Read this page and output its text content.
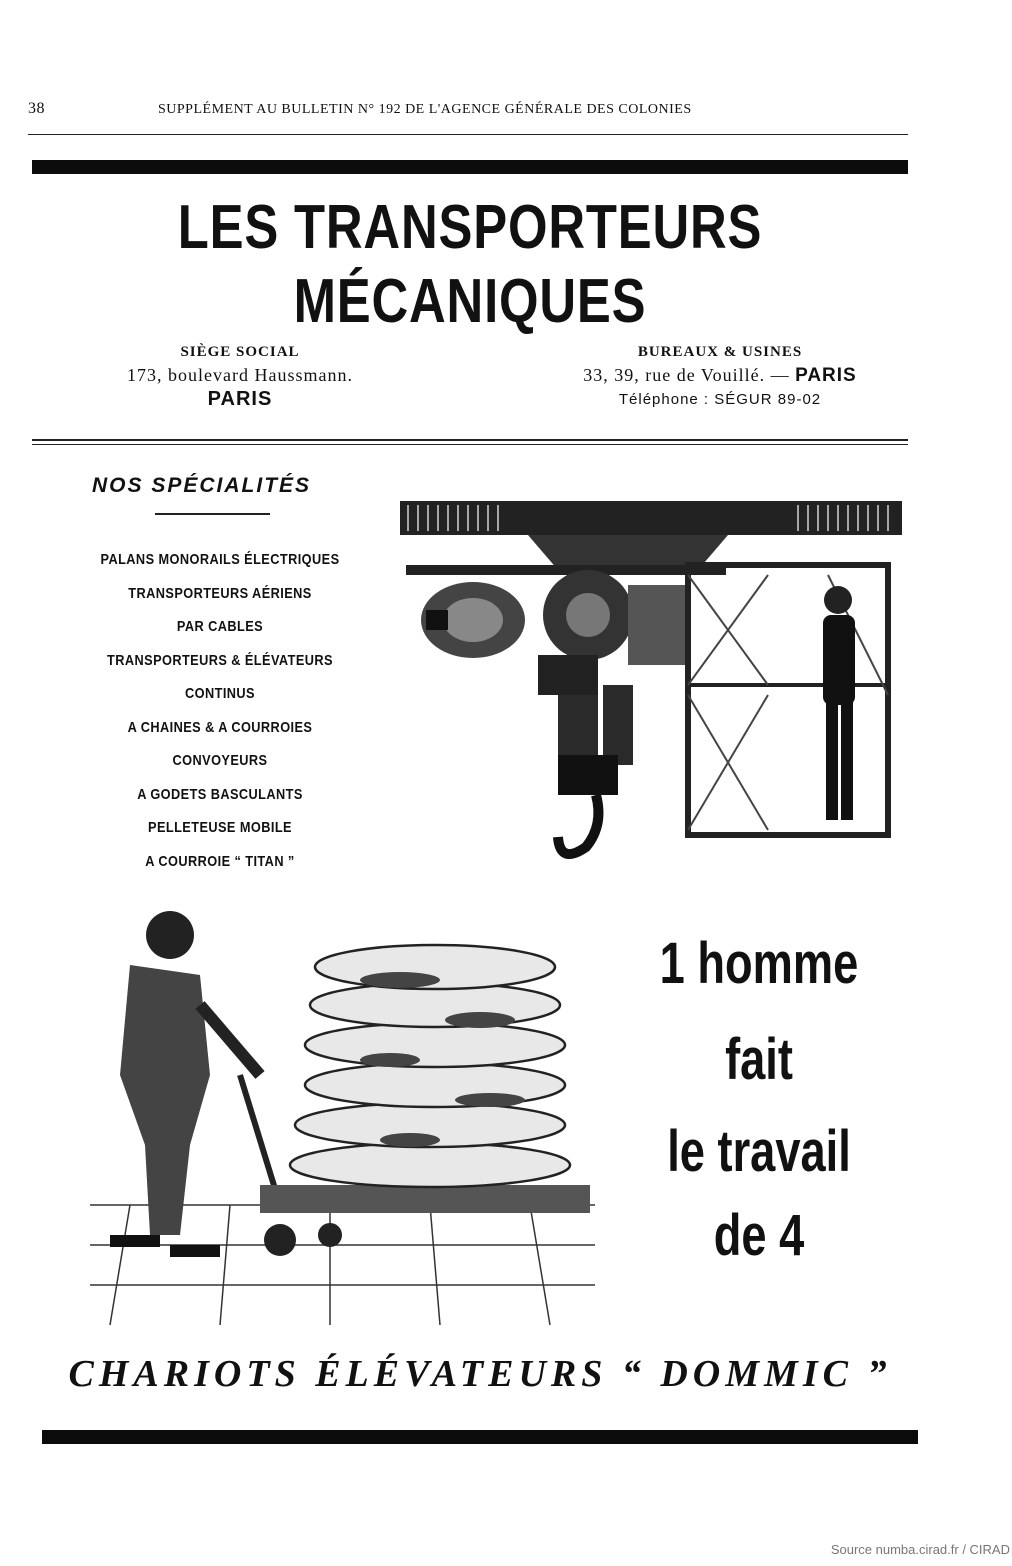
38	SUPPLÉMENT AU BULLETIN N° 192 DE L'AGENCE GÉNÉRALE DES COLONIES
LES TRANSPORTEURS
MÉCANIQUES
SIÈGE SOCIAL
173, boulevard Haussmann.
PARIS
BUREAUX & USINES
33, 39, rue de Vouillé. — PARIS
Téléphone : SÉGUR 89-02
NOS SPÉCIALITÉS
PALANS MONORAILS ÉLECTRIQUES
TRANSPORTEURS AÉRIENS
PAR CABLES
TRANSPORTEURS & ÉLÉVATEURS
CONTINUS
A CHAINES & A COURROIES
CONVOYEURS
A GODETS BASCULANTS
PELLETEUSE MOBILE
A COURROIE “ TITAN ”
1 homme
fait
le travail
de 4
CHARIOTS ÉLÉVATEURS “ DOMMIC ”
Source numba.cirad.fr / CIRAD
